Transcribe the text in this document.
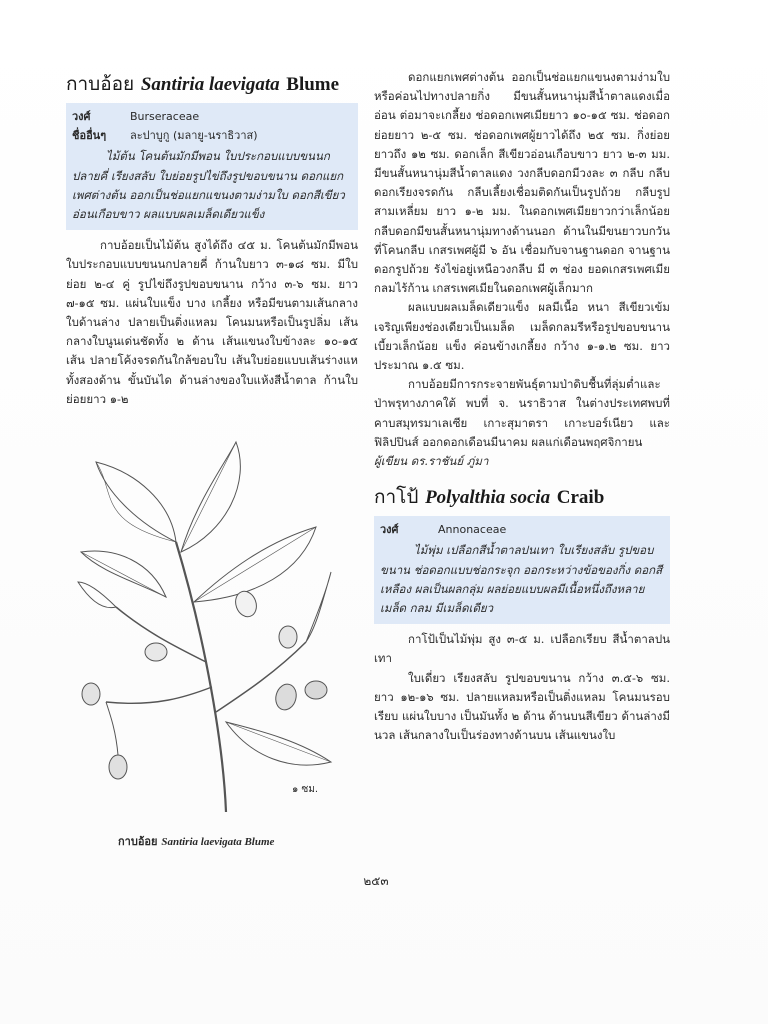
กาบอ้อย Santiria laevigata Blume
วงศ์	Burseraceae
ชื่ออื่นๆ	ละปาบูกู (มลายู-นราธิวาส)

ไม้ต้น โคนต้นมักมีพอน ใบประกอบแบบขนนกปลายคี่ เรียงสลับ ใบย่อยรูปไข่ถึงรูปขอบขนาน ดอกแยกเพศต่างต้น ออกเป็นช่อแยกแขนงตามง่ามใบ ดอกสีเขียวอ่อนเกือบขาว ผลแบบผลเมล็ดเดียวแข็ง

กาบอ้อยเป็นไม้ต้น สูงได้ถึง ๔๕ ม. โคนต้นมักมีพอน ใบประกอบแบบขนนกปลายคี่ ก้านใบยาว ๓-๑๘ ซม. มีใบย่อย ๒-๔ คู่ รูปไข่ถึงรูปขอบขนาน กว้าง ๓-๖ ซม. ยาว ๗-๑๕ ซม. แผ่นใบแข็ง บาง เกลี้ยง หรือมีขนตามเส้นกลางใบด้านล่าง ปลายเป็นติ่งแหลม โคนมนหรือเป็นรูปลิ่ม เส้นกลางใบนูนเด่นชัดทั้ง ๒ ด้าน เส้นแขนงใบข้างละ ๑๐-๑๕ เส้น ปลายโค้งจรดกันใกล้ขอบใบ เส้นใบย่อยแบบเส้นร่างแหทั้งสองด้าน ขั้นบันได ด้านล่างของใบแห้งสีน้ำตาล ก้านใบย่อยยาว ๑-๒

๑ ซม.
กาบอ้อย Santiria laevigata Blume

ดอกแยกเพศต่างต้น ออกเป็นช่อแยกแขนงตามง่ามใบหรือค่อนไปทางปลายกิ่ง มีขนสั้นหนานุ่มสีน้ำตาลแดงเมื่ออ่อน ต่อมาจะเกลี้ยง ช่อดอกเพศเมียยาว ๑๐-๑๕ ซม. ช่อดอกย่อยยาว ๒-๕ ซม. ช่อดอกเพศผู้ยาวได้ถึง ๒๕ ซม. กิ่งย่อยยาวถึง ๑๒ ซม. ดอกเล็ก สีเขียวอ่อนเกือบขาว ยาว ๒-๓ มม. มีขนสั้นหนานุ่มสีน้ำตาลแดง วงกลีบดอกมีวงละ ๓ กลีบ กลีบดอกเรียงจรดกัน กลีบเลี้ยงเชื่อมติดกันเป็นรูปถ้วย กลีบรูปสามเหลี่ยม ยาว ๑-๒ มม. ในดอกเพศเมียยาวกว่าเล็กน้อย กลีบดอกมีขนสั้นหนานุ่มทางด้านนอก ด้านในมีขนยาวบกวันที่โคนกลีบ เกสรเพศผู้มี ๖ อัน เชื่อมกับจานฐานดอก จานฐานดอกรูปถ้วย รังไข่อยู่เหนือวงกลีบ มี ๓ ช่อง ยอดเกสรเพศเมียกลมไร้ก้าน เกสรเพศเมียในดอกเพศผู้เล็กมาก

ผลแบบผลเมล็ดเดียวแข็ง ผลมีเนื้อ หนา สีเขียวเข้ม เจริญเพียงช่องเดียวเป็นเมล็ด เมล็ดกลมรีหรือรูปขอบขนานเบี้ยวเล็กน้อย แข็ง ค่อนข้างเกลี้ยง กว้าง ๑-๑.๒ ซม. ยาวประมาณ ๑.๕ ซม.

กาบอ้อยมีการกระจายพันธุ์ตามป่าดิบชื้นที่ลุ่มต่ำและป่าพรุทางภาคใต้ พบที่ จ. นราธิวาส ในต่างประเทศพบที่คาบสมุทรมาเลเซีย เกาะสุมาตรา เกาะบอร์เนียว และฟิลิปปินส์ ออกดอกเดือนมีนาคม ผลแก่เดือนพฤศจิกายน

ผู้เขียน ดร.ราชันย์ ภู่มา

กาโป้ Polyalthia socia Craib
วงศ์	Annonaceae

ไม้พุ่ม เปลือกสีน้ำตาลปนเทา ใบเรียงสลับ รูปขอบขนาน ช่อดอกแบบช่อกระจุก ออกระหว่างข้อของกิ่ง ดอกสีเหลือง ผลเป็นผลกลุ่ม ผลย่อยแบบผลมีเนื้อหนึ่งถึงหลายเมล็ด กลม มีเมล็ดเดียว

กาโป้เป็นไม้พุ่ม สูง ๓-๕ ม. เปลือกเรียบ สีน้ำตาลปนเทา

ใบเดี่ยว เรียงสลับ รูปขอบขนาน กว้าง ๓.๕-๖ ซม. ยาว ๑๒-๑๖ ซม. ปลายแหลมหรือเป็นติ่งแหลม โคนมนรอบเรียบ แผ่นใบบาง เป็นมันทั้ง ๒ ด้าน ด้านบนสีเขียว ด้านล่างมีนวล เส้นกลางใบเป็นร่องทางด้านบน เส้นแขนงใบ

๒๕๓
